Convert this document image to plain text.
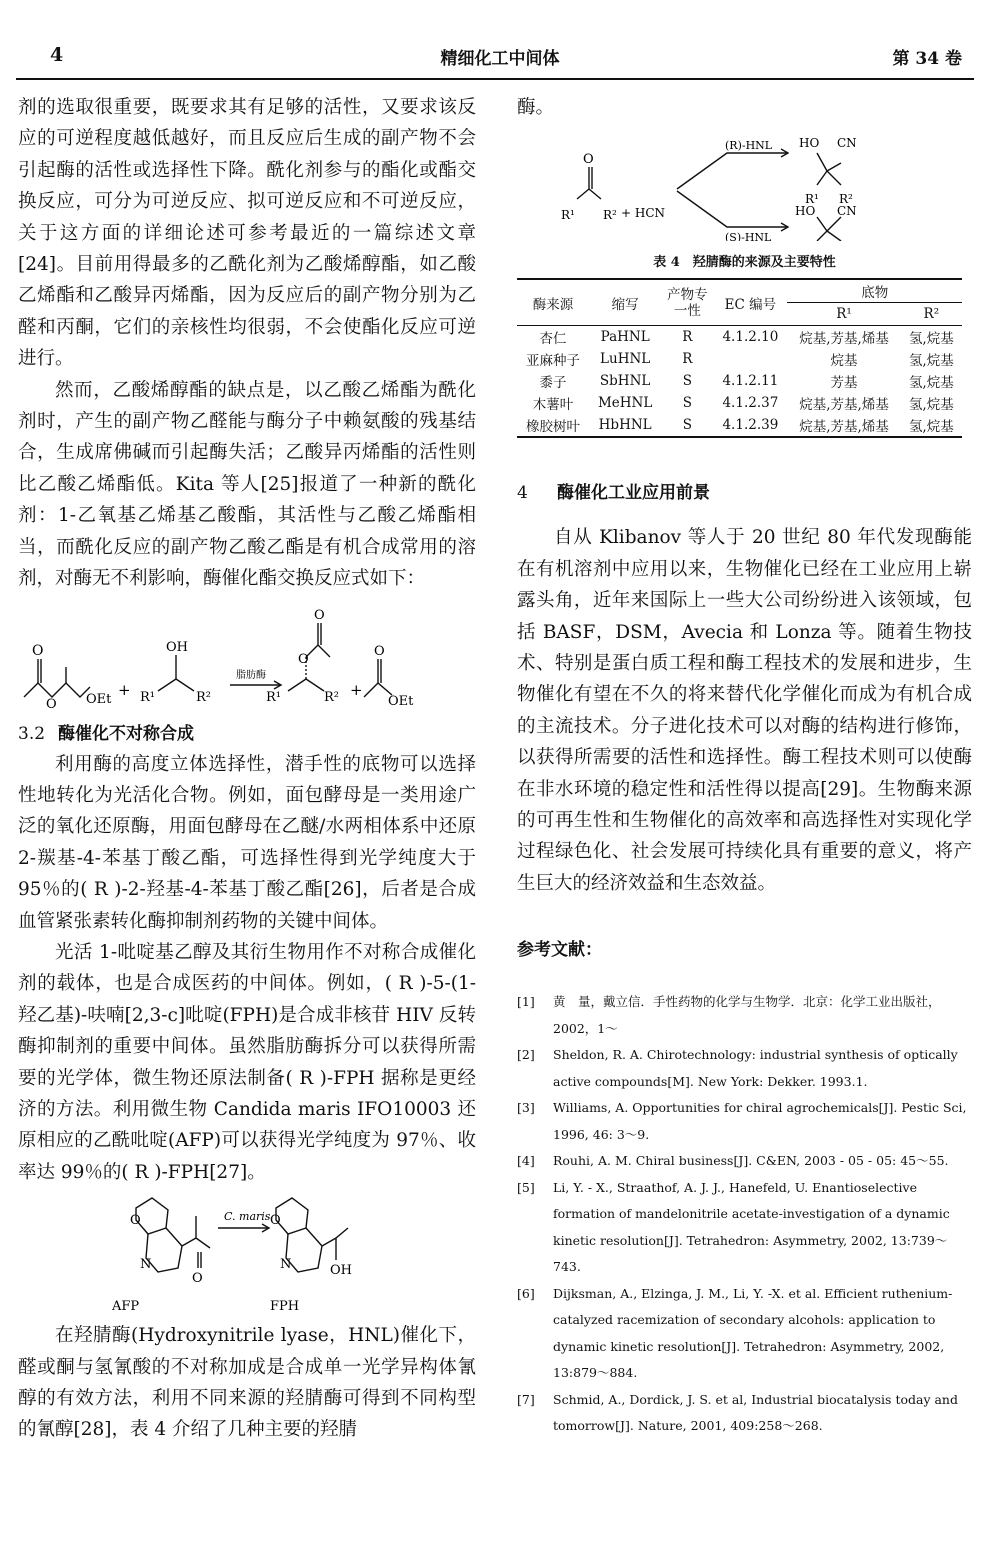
4	精细化工中间体	第 34 卷

剂的选取很重要，既要求其有足够的活性，又要求该反应的可逆程度越低越好，而且反应后生成的副产物不会引起酶的活性或选择性下降。酰化剂参与的酯化或酯交换反应，可分为可逆反应、拟可逆反应和不可逆反应，关于这方面的详细论述可参考最近的一篇综述文章[24]。目前用得最多的乙酰化剂为乙酸烯醇酯，如乙酸乙烯酯和乙酸异丙烯酯，因为反应后的副产物分别为乙醛和丙酮，它们的亲核性均很弱，不会使酯化反应可逆进行。

然而，乙酸烯醇酯的缺点是，以乙酸乙烯酯为酰化剂时，产生的副产物乙醛能与酶分子中赖氨酸的残基结合，生成席佛碱而引起酶失活；乙酸异丙烯酯的活性则比乙酸乙烯酯低。Kita 等人[25]报道了一种新的酰化剂：1-乙氧基乙烯基乙酸酯，其活性与乙酸乙烯酯相当，而酰化反应的副产物乙酸乙酯是有机合成常用的溶剂，对酶无不利影响，酶催化酯交换反应式如下：

O
O OEt
+
OH
R¹	R²
脂肪酶
R¹	R²
O
O
+
O
OEt
3.2 酶催化不对称合成

利用酶的高度立体选择性，潜手性的底物可以选择性地转化为光活化合物。例如，面包酵母是一类用途广泛的氧化还原酶，用面包酵母在乙醚/水两相体系中还原 2-羰基-4-苯基丁酸乙酯，可选择性得到光学纯度大于 95％的( R )-2-羟基-4-苯基丁酸乙酯[26]，后者是合成血管紧张素转化酶抑制剂药物的关键中间体。

光活 1-吡啶基乙醇及其衍生物用作不对称合成催化剂的载体，也是合成医药的中间体。例如，( R )-5-(1-羟乙基)-呋喃[2,3-c]吡啶(FPH)是合成非核苷 HIV 反转酶抑制剂的重要中间体。虽然脂肪酶拆分可以获得所需要的光学体，微生物还原法制备( R )-FPH 据称是更经济的方法。利用微生物 Candida maris IFO10003 还原相应的乙酰吡啶(AFP)可以获得光学纯度为 97％、收率达 99％的( R )-FPH[27]。

O
N
O
C. maris O
N	OH
AFP	FPH

在羟腈酶(Hydroxynitrile lyase，HNL)催化下，醛或酮与氢氰酸的不对称加成是合成单一光学异构体氰醇的有效方法，利用不同来源的羟腈酶可得到不同构型的氰醇[28]，表 4 介绍了几种主要的羟腈

酶。

O
R¹ R² + HCN
(R)-HNL
(S)-HNL
HO CN
R¹ R²
HO CN
表 4　羟腈酶的来源及主要特性
酶来源	缩写	产物专一性	EC 编号	底物	
				R¹	R²
杏仁	PaHNL	R	4.1.2.10	烷基,芳基,烯基	氢,烷基
亚麻种子	LuHNL	R		烷基	氢,烷基
黍子	SbHNL	S	4.1.2.11	芳基	氢,烷基
木薯叶	MeHNL	S	4.1.2.37	烷基,芳基,烯基	氢,烷基
橡胶树叶	HbHNL	S	4.1.2.39	烷基,芳基,烯基	氢,烷基
4 酶催化工业应用前景

自从 Klibanov 等人于 20 世纪 80 年代发现酶能在有机溶剂中应用以来，生物催化已经在工业应用上崭露头角，近年来国际上一些大公司纷纷进入该领域，包括 BASF，DSM，Avecia 和 Lonza 等。随着生物技术、特别是蛋白质工程和酶工程技术的发展和进步，生物催化有望在不久的将来替代化学催化而成为有机合成的主流技术。分子进化技术可以对酶的结构进行修饰，以获得所需要的活性和选择性。酶工程技术则可以使酶在非水环境的稳定性和活性得以提高[29]。生物酶来源的可再生性和生物催化的高效率和高选择性对实现化学过程绿色化、社会发展可持续化具有重要的意义，将产生巨大的经济效益和生态效益。

参考文献：
[1] 黄　量，戴立信．手性药物的化学与生物学．北京：化学工业出版社，2002，1～
[2] Sheldon, R. A. Chirotechnology: industrial synthesis of optically active compounds[M]. New York: Dekker. 1993.1.
[3] Williams, A. Opportunities for chiral agrochemicals[J]. Pestic Sci, 1996, 46: 3～9.
[4] Rouhi, A. M. Chiral business[J]. C&EN, 2003 - 05 - 05: 45～55.
[5] Li, Y. - X., Straathof, A. J. J., Hanefeld, U. Enantioselective formation of mandelonitrile acetate-investigation of a dynamic kinetic resolution[J]. Tetrahedron: Asymmetry, 2002, 13:739～743.
[6] Dijksman, A., Elzinga, J. M., Li, Y. -X. et al. Efficient ruthenium-catalyzed racemization of secondary alcohols: application to dynamic kinetic resolution[J]. Tetrahedron: Asymmetry, 2002, 13:879～884.
[7] Schmid, A., Dordick, J. S. et al, Industrial biocatalysis today and tomorrow[J]. Nature, 2001, 409:258～268.
